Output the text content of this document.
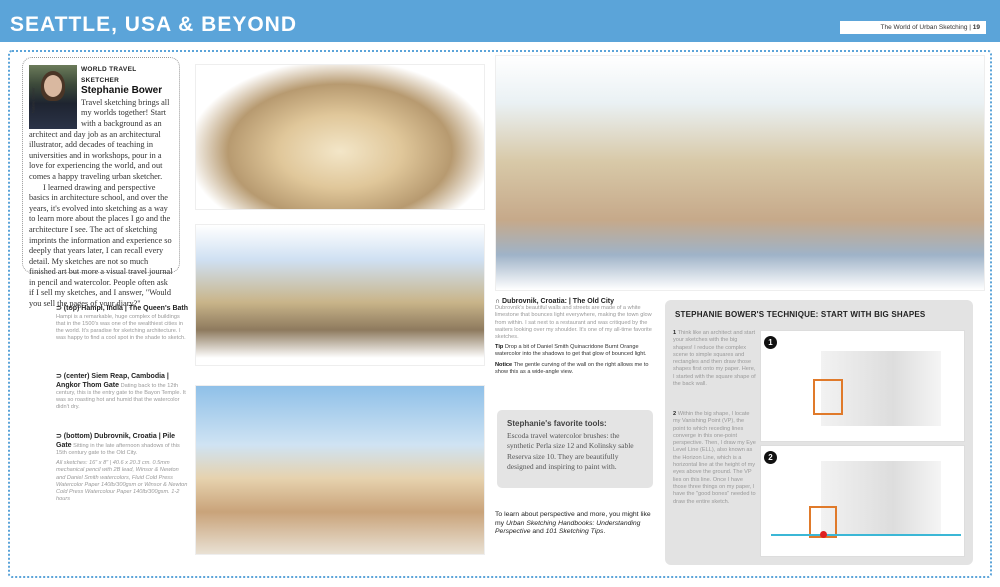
SEATTLE, USA & BEYOND	The World of Urban Sketching | 19
Natalie Dreher
WORLD TRAVEL SKETCHER
Stephanie Bower

Travel sketching brings all my worlds together! Start with a background as an architect and day job as an architectural illustrator, add decades of teaching in universities and in workshops, pour in a love for experiencing the world, and out comes a happy traveling urban sketcher.

I learned drawing and perspective basics in architecture school, and over the years, it's evolved into sketching as a way to learn more about the places I go and the architecture I see. The act of sketching imprints the information and experience so deeply that years later, I can recall every detail. My sketches are not so much finished art but more a visual travel journal in pencil and watercolor. People often ask if I sell my sketches, and I answer, "Would you sell the pages of your diary?"

⊃ (top) Hampi, India | The Queen's Bath Hampi is a remarkable, huge complex of buildings that in the 1500's was one of the wealthiest cities in the world. It's paradise for sketching architecture. I was happy to find a cool spot in the shade to sketch.
⊃ (center) Siem Reap, Cambodia | Angkor Thom Gate Dating back to the 12th century, this is the entry gate to the Bayon Temple. It was so roasting hot and humid that the watercolor didn't dry.
⊃ (bottom) Dubrovnik, Croatia | Pile Gate Sitting in the late afternoon shadows of this 15th century gate to the Old City.
All sketches: 16" x 8" | 40.6 x 20.3 cm. 0.5mm mechanical pencil with 2B lead, Winsor & Newton and Daniel Smith watercolors, Fluid Cold Press Watercolor Paper 140lb/300gsm or Winsor & Newton Cold Press Watercolour Paper 140lb/300gsm. 1-2 hours
∩ Dubrovnik, Croatia: | The Old City
Dubrovnik's beautiful walls and streets are made of a white limestone that bounces light everywhere, making the town glow from within. I sat next to a restaurant and was critiqued by the waiters looking over my shoulder. It's one of my all-time favorite sketches.
Tip Drop a bit of Daniel Smith Quinacridone Burnt Orange watercolor into the shadows to get that glow of bounced light.
Notice The gentle curving of the wall on the right allows me to show this as a wide-angle view.
Stephanie's favorite tools:
Escoda travel watercolor brushes: the synthetic Perla size 12 and Kolinsky sable Reserva size 10. They are beautifully designed and inspiring to paint with.
To learn about perspective and more, you might like my Urban Sketching Handbooks: Understanding Perspective and 101 Sketching Tips.
STEPHANIE BOWER'S TECHNIQUE: START WITH BIG SHAPES
1 Think like an architect and start your sketches with the big shapes! I reduce the complex scene to simple squares and rectangles and then draw those shapes first onto my paper. Here, I started with the square shape of the back wall.
2 Within the big shape, I locate my Vanishing Point (VP), the point to which receding lines converge in this one-point perspective. Then, I draw my Eye Level Line (ELL), also known as the Horizon Line, which is a horizontal line at the height of my eyes above the ground. The VP lies on this line. Once I have those three things on my paper, I have the "good bones" needed to draw the entire sketch.
1
2
